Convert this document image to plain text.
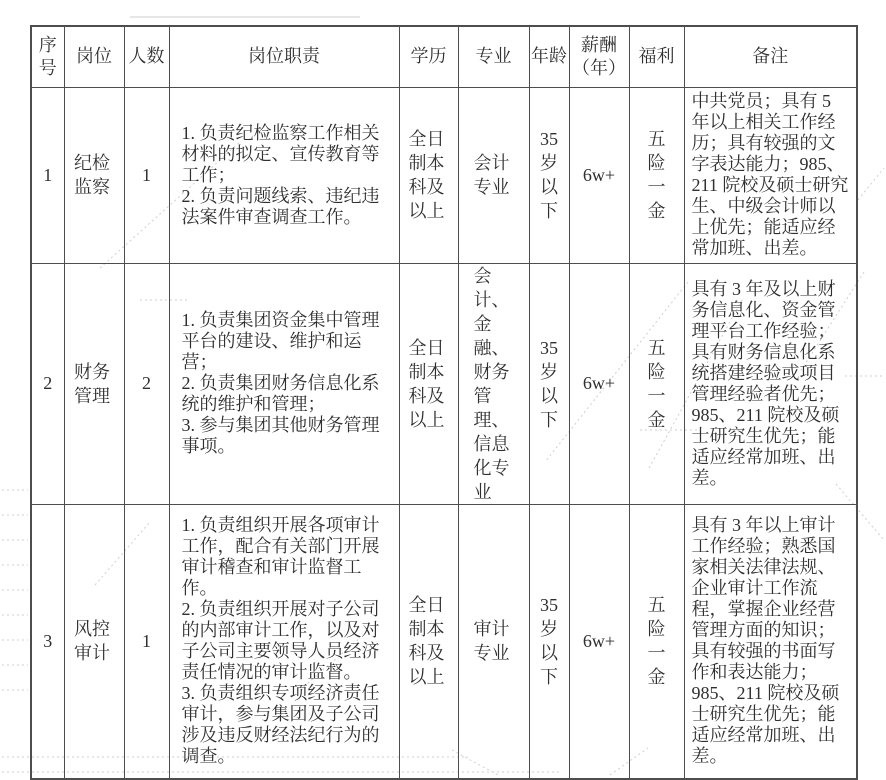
序号	岗位	人数	岗位职责	学历	专业	年龄	薪酬（年）	福利	备注
1	纪检监察	1	1. 负责纪检监察工作相关材料的拟定、宣传教育等工作；

2. 负责问题线索、违纪违法案件审查调查工作。	全日制本科及以上	会计专业	35岁以下	6w+	五险一金	中共党员；具有 5 年以上相关工作经历；具有较强的文字表达能力；985、211 院校及硕士研究生、中级会计师以上优先；能适应经常加班、出差。
2	财务管理	2	1. 负责集团资金集中管理平台的建设、维护和运营；

2. 负责集团财务信息化系统的维护和管理；

3. 参与集团其他财务管理事项。	全日制本科及以上	会计、金融、财务管理、信息化专业	35岁以下	6w+	五险一金	具有 3 年及以上财务信息化、资金管理平台工作经验；具有财务信息化系统搭建经验或项目管理经验者优先；985、211 院校及硕士研究生优先；能适应经常加班、出差。
3	风控审计	1	1. 负责组织开展各项审计工作，配合有关部门开展审计稽查和审计监督工作。

2. 负责组织开展对子公司的内部审计工作，以及对子公司主要领导人员经济责任情况的审计监督。

3. 负责组织专项经济责任审计，参与集团及子公司涉及违反财经法纪行为的调查。	全日制本科及以上	审计专业	35岁以下	6w+	五险一金	具有 3 年以上审计工作经验；熟悉国家相关法律法规、企业审计工作流程，掌握企业经营管理方面的知识；具有较强的书面写作和表达能力；985、211 院校及硕士研究生优先；能适应经常加班、出差。
